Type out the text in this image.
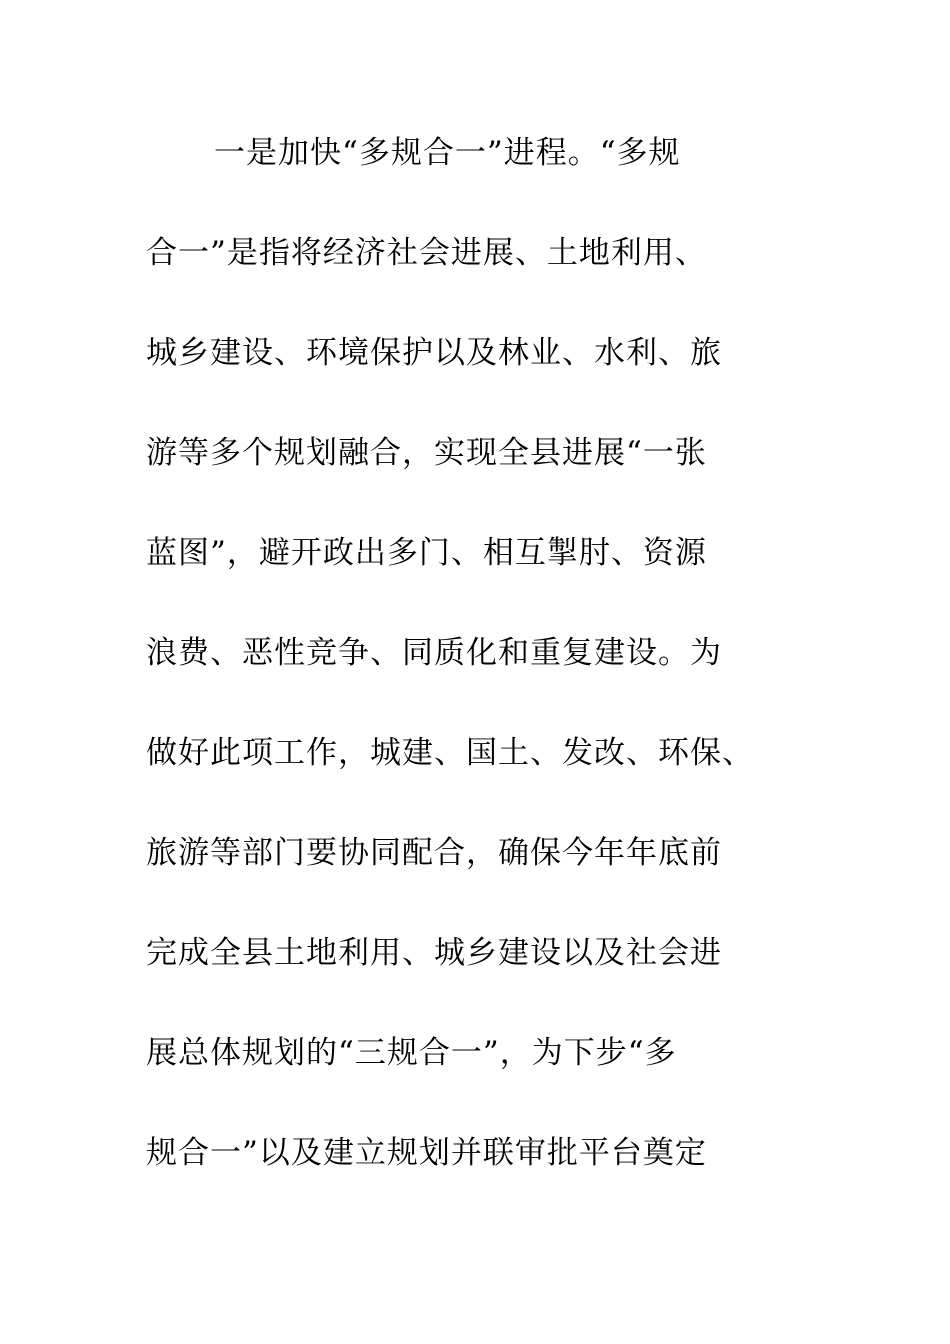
一是加快“多规合一”进程。“多规
合一”是指将经济社会进展、土地利用、
城乡建设、环境保护以及林业、水利、旅
游等多个规划融合，实现全县进展“一张
蓝图”，避开政出多门、相互掣肘、资源
浪费、恶性竞争、同质化和重复建设。为
做好此项工作，城建、国土、发改、环保、
旅游等部门要协同配合，确保今年年底前
完成全县土地利用、城乡建设以及社会进
展总体规划的“三规合一”，为下步“多
规合一”以及建立规划并联审批平台奠定
